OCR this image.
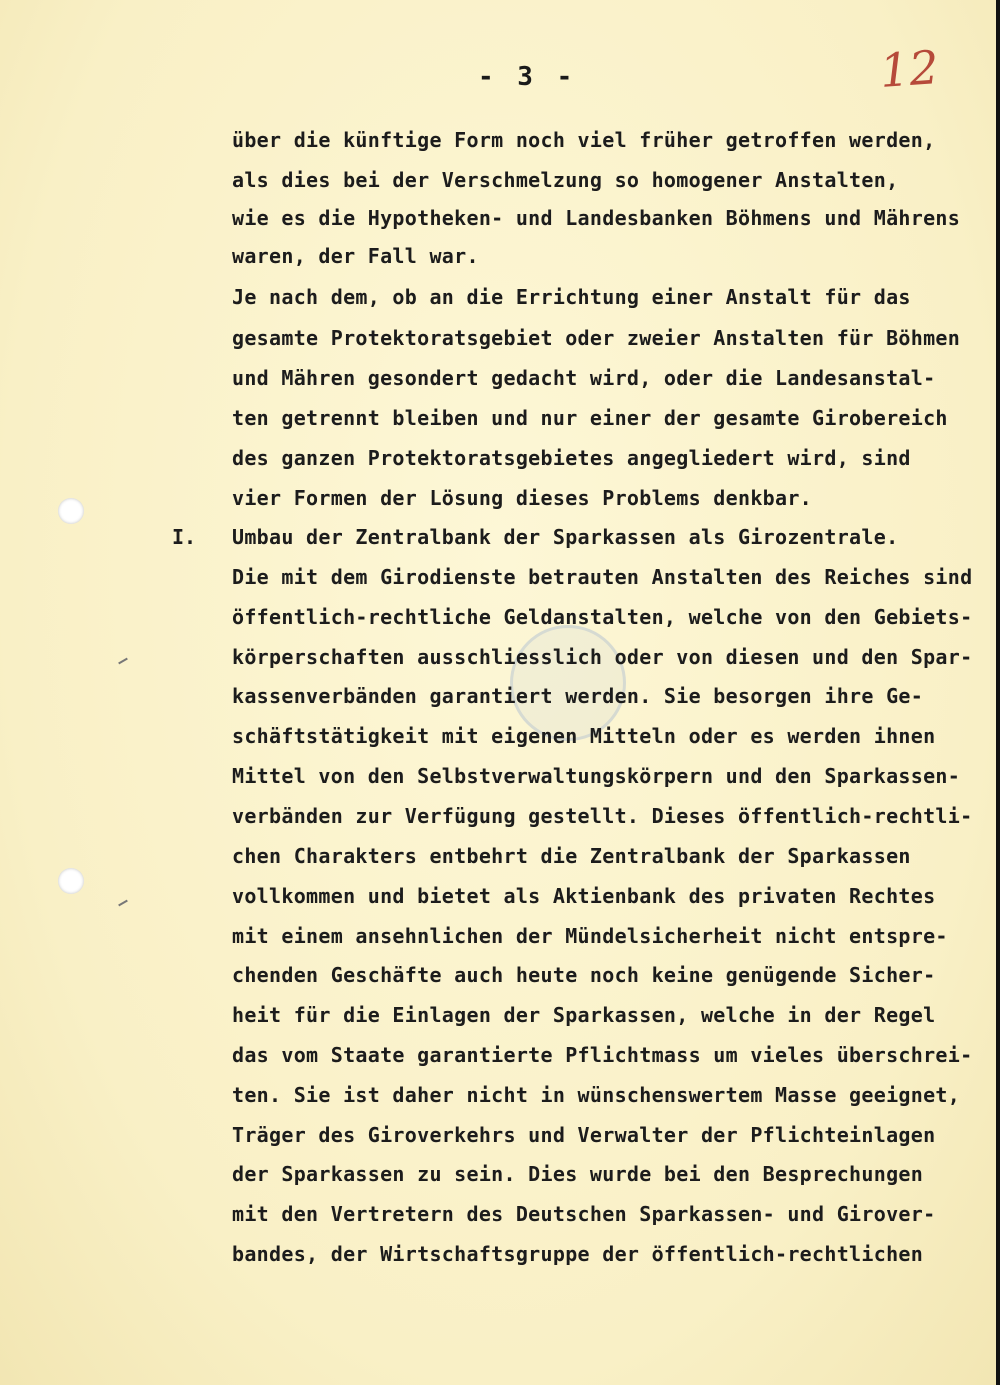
- 3 -	12
I.
über die künftige Form noch viel früher getroffen werden,
als dies bei der Verschmelzung so homogener Anstalten,
wie es die Hypotheken- und Landesbanken Böhmens und Mährens
waren, der Fall war.
Je nach dem, ob an die Errichtung einer Anstalt für das
gesamte Protektoratsgebiet oder zweier Anstalten für Böhmen
und Mähren gesondert gedacht wird, oder die Landesanstal-
ten getrennt bleiben und nur einer der gesamte Girobereich
des ganzen Protektoratsgebietes angegliedert wird, sind
vier Formen der Lösung dieses Problems denkbar.
Umbau der Zentralbank der Sparkassen als Girozentrale.
Die mit dem Girodienste betrauten Anstalten des Reiches sind
öffentlich-rechtliche Geldanstalten, welche von den Gebiets-
körperschaften ausschliesslich oder von diesen und den Spar-
kassenverbänden garantiert werden. Sie besorgen ihre Ge-
schäftstätigkeit mit eigenen Mitteln oder es werden ihnen
Mittel von den Selbstverwaltungskörpern und den Sparkassen-
verbänden zur Verfügung gestellt. Dieses öffentlich-rechtli-
chen Charakters entbehrt die Zentralbank der Sparkassen
vollkommen und bietet als Aktienbank des privaten Rechtes
mit einem ansehnlichen der Mündelsicherheit nicht entspre-
chenden Geschäfte auch heute noch keine genügende Sicher-
heit für die Einlagen der Sparkassen, welche in der Regel
das vom Staate garantierte Pflichtmass um vieles überschrei-
ten. Sie ist daher nicht in wünschenswertem Masse geeignet,
Träger des Giroverkehrs und Verwalter der Pflichteinlagen
der Sparkassen zu sein. Dies wurde bei den Besprechungen
mit den Vertretern des Deutschen Sparkassen- und Girover-
bandes, der Wirtschaftsgruppe der öffentlich-rechtlichen
